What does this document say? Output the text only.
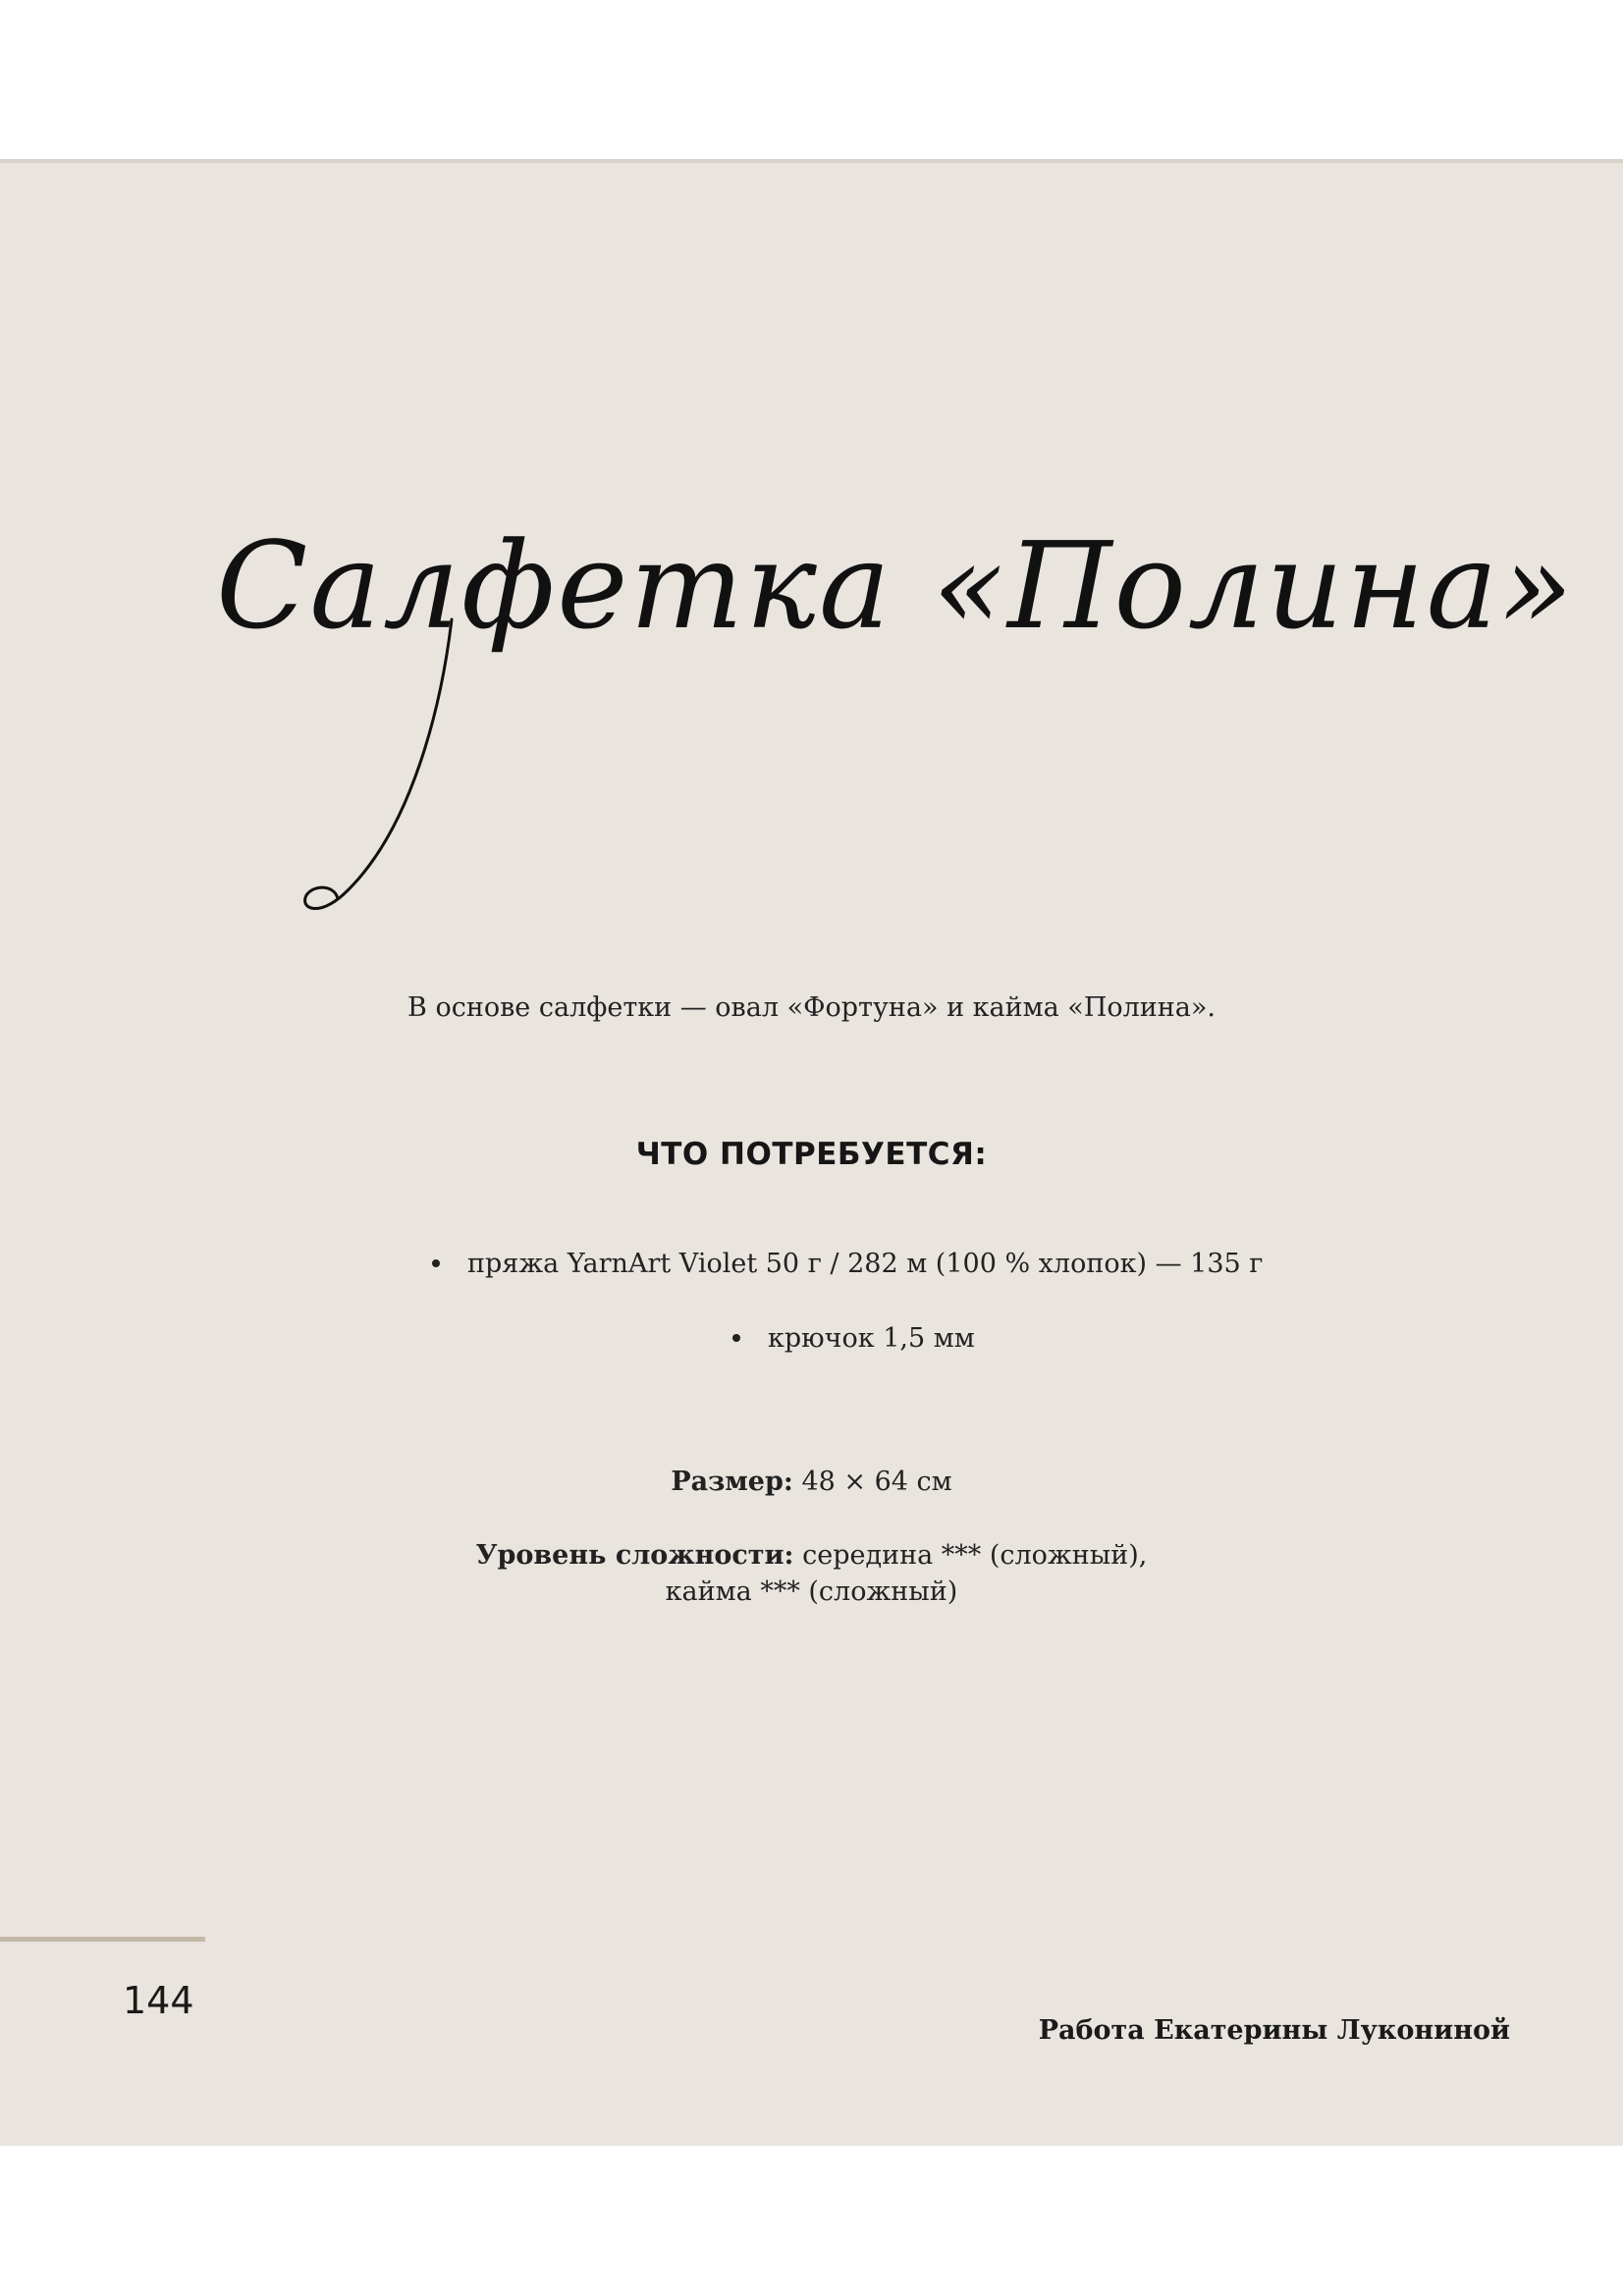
Салфетка «Полина»
В основе салфетки — овал «Фортуна» и кайма «Полина».
ЧТО ПОТРЕБУЕТСЯ:
пряжа YarnArt Violet 50 г / 282 м (100 % хлопок) — 135 г
крючок 1,5 мм
Размер: 48 × 64 см
Уровень сложности: середина *** (сложный),
кайма *** (сложный)
Работа Екатерины Лукониной
144
